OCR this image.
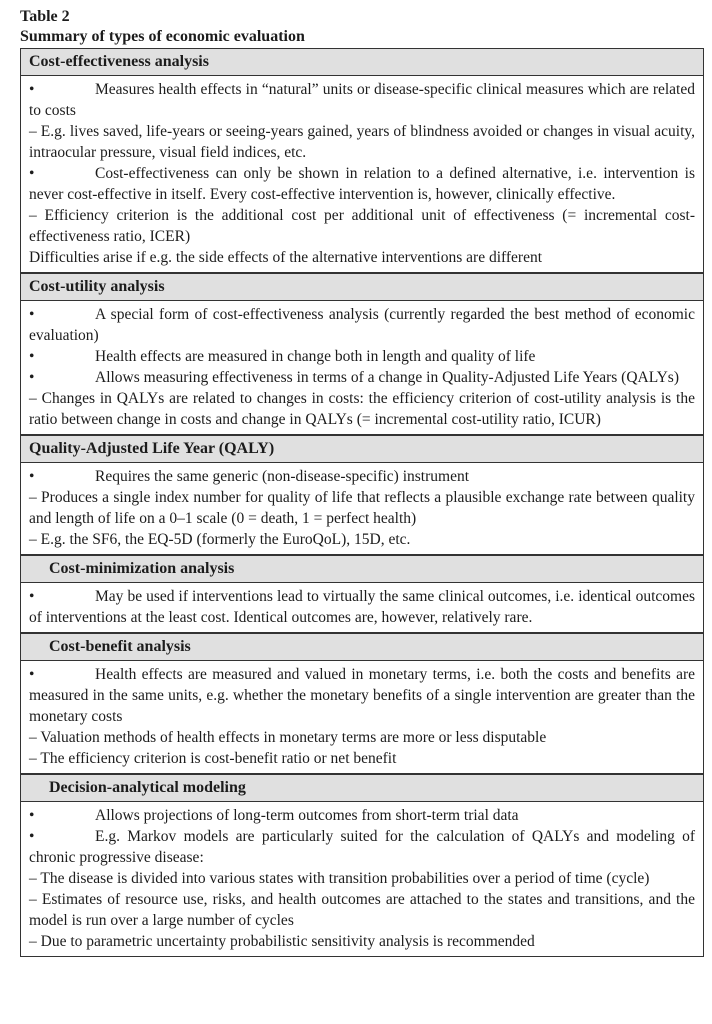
Table 2
Summary of types of economic evaluation
Cost-effectiveness analysis
•	Measures health effects in “natural” units or disease-specific clinical measures which are related to costs
– E.g. lives saved, life-years or seeing-years gained, years of blindness avoided or changes in visual acuity, intraocular pressure, visual field indices, etc.
•	Cost-effectiveness can only be shown in relation to a defined alternative, i.e. intervention is never cost-effective in itself. Every cost-effective intervention is, however, clinically effective.
– Efficiency criterion is the additional cost per additional unit of effectiveness (= incremental cost-effectiveness ratio, ICER)
Difficulties arise if e.g. the side effects of the alternative interventions are different
Cost-utility analysis
•	A special form of cost-effectiveness analysis (currently regarded the best method of economic evaluation)
•	Health effects are measured in change both in length and quality of life
•	Allows measuring effectiveness in terms of a change in Quality-Adjusted Life Years (QALYs)
– Changes in QALYs are related to changes in costs: the efficiency criterion of cost-utility analysis is the ratio between change in costs and change in QALYs (= incremental cost-utility ratio, ICUR)
Quality-Adjusted Life Year (QALY)
•	Requires the same generic (non-disease-specific) instrument
– Produces a single index number for quality of life that reflects a plausible exchange rate between quality and length of life on a 0–1 scale (0 = death, 1 = perfect health)
– E.g. the SF6, the EQ-5D (formerly the EuroQoL), 15D, etc.
Cost-minimization analysis
•	May be used if interventions lead to virtually the same clinical outcomes, i.e. identical outcomes of interventions at the least cost. Identical outcomes are, however, relatively rare.
Cost-benefit analysis
•	Health effects are measured and valued in monetary terms, i.e. both the costs and benefits are measured in the same units, e.g. whether the monetary benefits of a single intervention are greater than the monetary costs
– Valuation methods of health effects in monetary terms are more or less disputable
– The efficiency criterion is cost-benefit ratio or net benefit
Decision-analytical modeling
•	Allows projections of long-term outcomes from short-term trial data
•	E.g. Markov models are particularly suited for the calculation of QALYs and modeling of chronic progressive disease:
– The disease is divided into various states with transition probabilities over a period of time (cycle)
– Estimates of resource use, risks, and health outcomes are attached to the states and transitions, and the model is run over a large number of cycles
– Due to parametric uncertainty probabilistic sensitivity analysis is recommended
